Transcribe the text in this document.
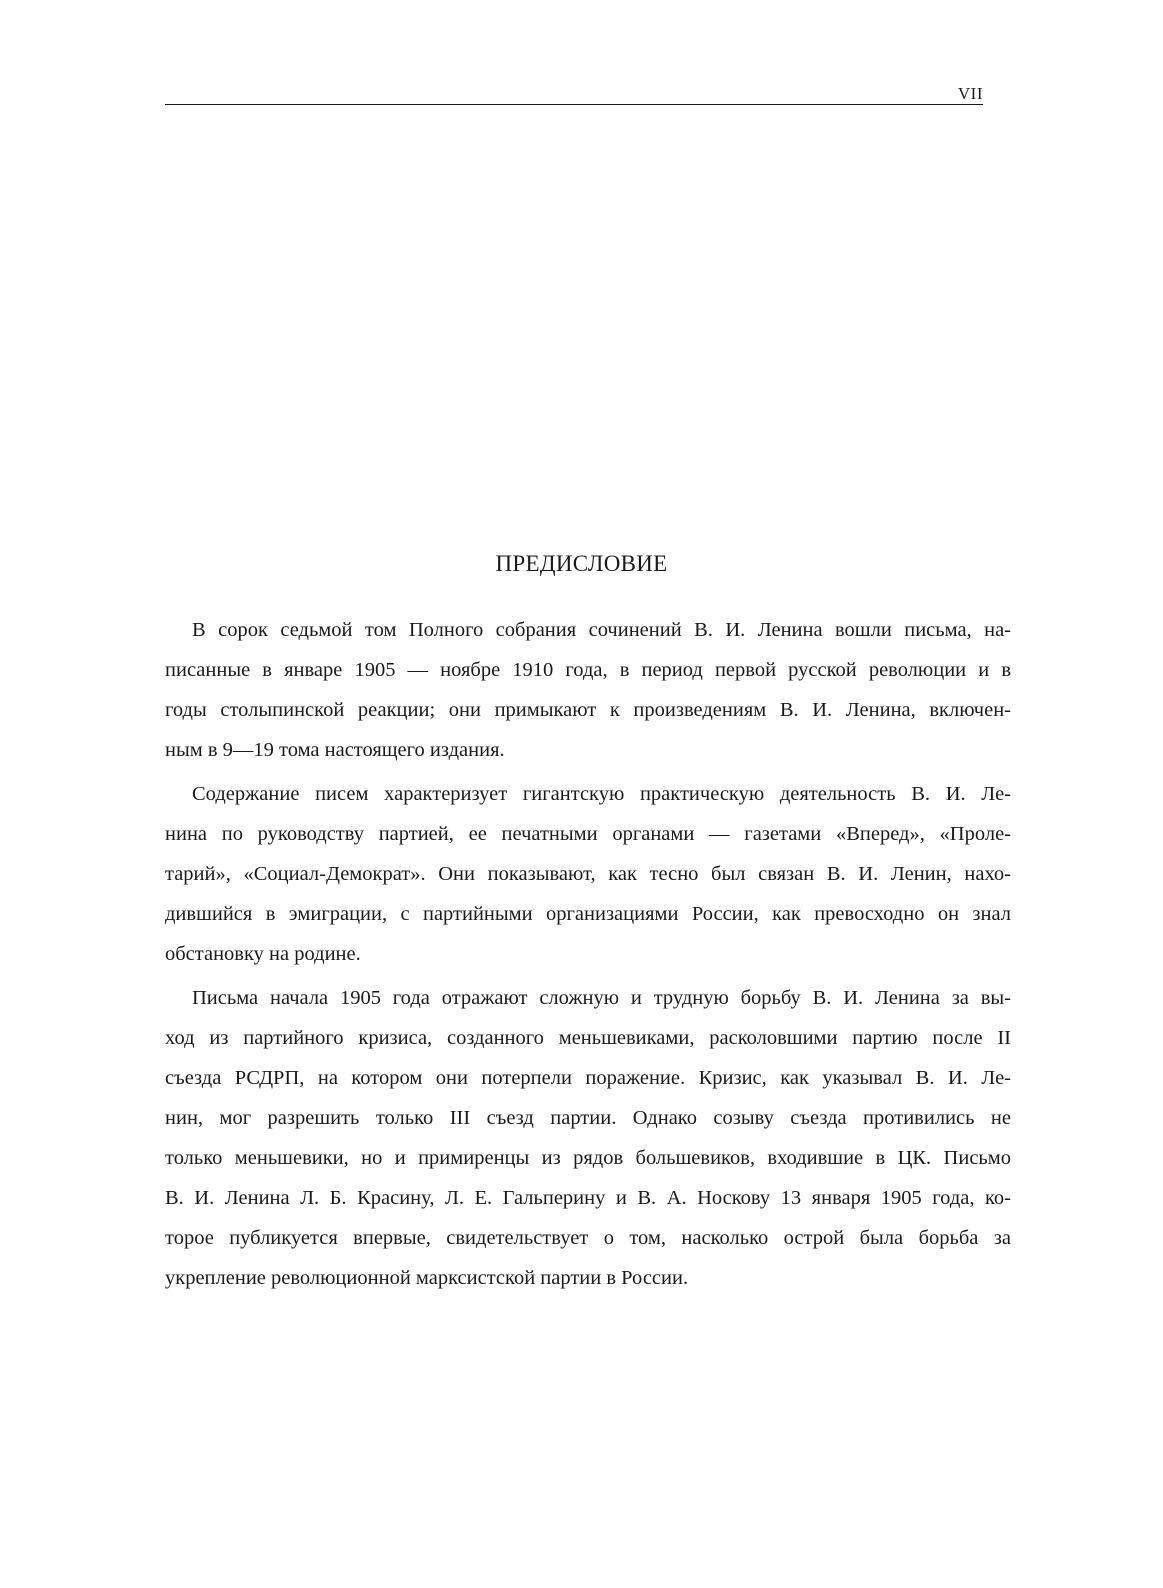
VII
ПРЕДИСЛОВИЕ
В сорок седьмой том Полного собрания сочинений В. И. Ленина вошли письма, на-
писанные в январе 1905 — ноябре 1910 года, в период первой русской революции и в
годы столыпинской реакции; они примыкают к произведениям В. И. Ленина, включен-
ным в 9—19 тома настоящего издания.
Содержание писем характеризует гигантскую практическую деятельность В. И. Ле-
нина по руководству партией, ее печатными органами — газетами «Вперед», «Проле-
тарий», «Социал-Демократ». Они показывают, как тесно был связан В. И. Ленин, нахо-
дившийся в эмиграции, с партийными организациями России, как превосходно он знал
обстановку на родине.
Письма начала 1905 года отражают сложную и трудную борьбу В. И. Ленина за вы-
ход из партийного кризиса, созданного меньшевиками, расколовшими партию после II
съезда РСДРП, на котором они потерпели поражение. Кризис, как указывал В. И. Ле-
нин, мог разрешить только III съезд партии. Однако созыву съезда противились не
только меньшевики, но и примиренцы из рядов большевиков, входившие в ЦК. Письмо
В. И. Ленина Л. Б. Красину, Л. Е. Гальперину и В. А. Носкову 13 января 1905 года, ко-
торое публикуется впервые, свидетельствует о том, насколько острой была борьба за
укрепление революционной марксистской партии в России.
